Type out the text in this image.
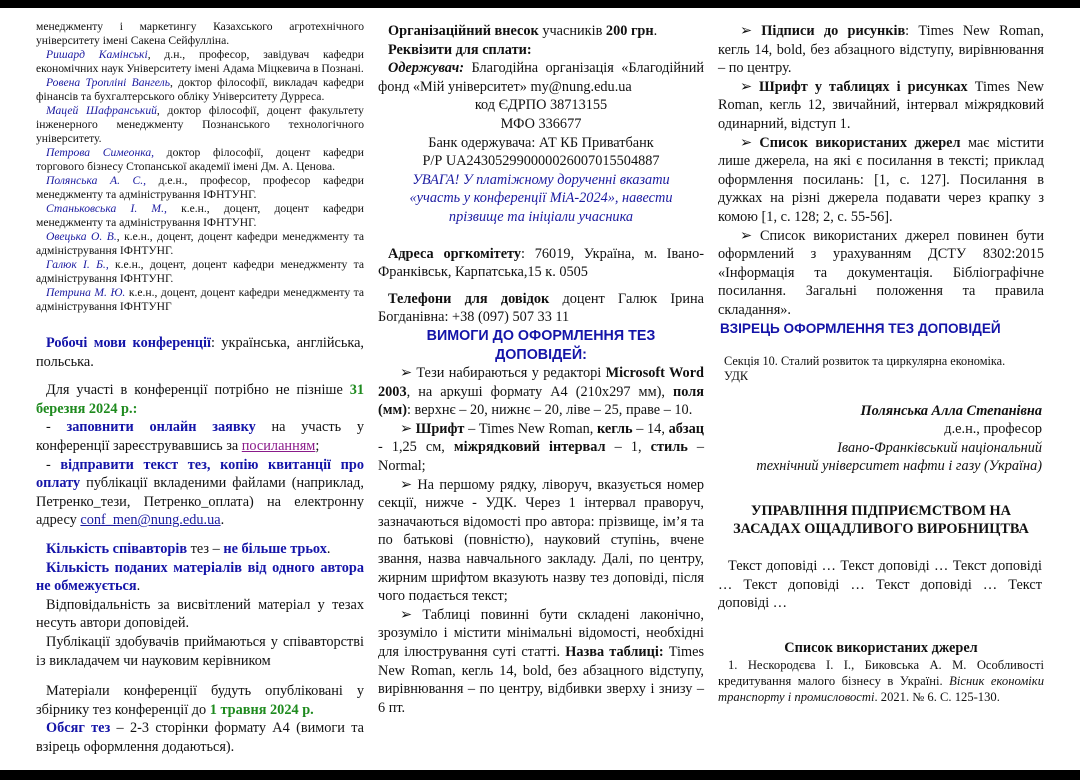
менеджменту і маркетингу Казахського агротехнічного університету імені Сакена Сейфулліна.

Ришард Камінські, д.н., професор, завідувач кафедри економічних наук Університету імені Адама Міцкевича в Познані.

Ровена Тропліні Вангель, доктор філософії, викладач кафедри фінансів та бухгалтерського обліку Університету Дурреса.

Мацей Шафранський, доктор філософії, доцент факультету інженерного менеджменту Познанського технологічного університету.

Петрова Симеонка, доктор філософії, доцент кафедри торгового бізнесу Стопанської академії імені Дм. А. Ценова.

Полянська А. С., д.е.н., професор, професор кафедри менеджменту та адміністрування ІФНТУНГ.

Станьковська І. М., к.е.н., доцент, доцент кафедри менеджменту та адміністрування ІФНТУНГ.

Овецька О. В., к.е.н., доцент, доцент кафедри менеджменту та адміністрування ІФНТУНГ.

Галюк І. Б., к.е.н., доцент, доцент кафедри менеджменту та адміністрування ІФНТУНГ.

Петрина М. Ю. к.е.н., доцент, доцент кафедри менеджменту та адміністрування ІФНТУНГ

Робочі мови конференції: українська, англійська, польська.

Для участі в конференції потрібно не пізніше 31 березня 2024 р.:

- заповнити онлайн заявку на участь у конференції зареєструвавшись за посиланням;

- відправити текст тез, копію квитанції про оплату публікації вкладеними файлами (наприклад, Петренко_тези, Петренко_оплата) на електронну адресу conf_men@nung.edu.ua.

Кількість співавторів тез – не більше трьох.

Кількість поданих матеріалів від одного автора не обмежується.

Відповідальність за висвітлений матеріал у тезах несуть автори доповідей.

Публікації здобувачів приймаються у співавторстві із викладачем чи науковим керівником

Матеріали конференції будуть опубліковані у збірнику тез конференції до 1 травня 2024 р.

Обсяг тез – 2-3 сторінки формату А4 (вимоги та взірець оформлення додаються).

Організаційний внесок учасників 200 грн.

Реквізити для сплати:

Одержувач: Благодійна організація «Благодійний фонд «Мій університет» my@nung.edu.ua

код ЄДРПО 38713155

МФО 336677

Банк одержувача: АТ КБ Приватбанк

Р/Р UA243052990000026007015504887

УВАГА! У платіжному дорученні вказати «участь у конференції МіА-2024», навести прізвище та ініціали учасника

Адреса оргкомітету: 76019, Україна, м. Івано-Франківськ, Карпатська,15 к. 0505

Телефони для довідок доцент Галюк Ірина Богданівна: +38 (097) 507 33 11

ВИМОГИ ДО ОФОРМЛЕННЯ ТЕЗ ДОПОВІДЕЙ:

➢ Тези набираються у редакторі Microsoft Word 2003, на аркуші формату А4 (210х297 мм), поля (мм): верхнє – 20, нижнє – 20, ліве – 25, праве – 10.

➢ Шрифт – Times New Roman, кегль – 14, абзац - 1,25 см, міжрядковий інтервал – 1, стиль – Normal;

➢ На першому рядку, ліворуч, вказується номер секції, нижче - УДК. Через 1 інтервал праворуч, зазначаються відомості про автора: прізвище, ім’я та по батькові (повністю), науковий ступінь, вчене звання, назва навчального закладу. Далі, по центру, жирним шрифтом вказують назву тез доповіді, після чого подається текст;

➢ Таблиці повинні бути складені лаконічно, зрозуміло і містити мінімальні відомості, необхідні для ілюстрування суті статті. Назва таблиці: Times New Roman, кегль 14, bold, без абзацного відступу, вирівнювання – по центру, відбивки зверху і знизу – 6 пт.

➢ Підписи до рисунків: Times New Roman, кегль 14, bold, без абзацного відступу, вирівнювання – по центру.

➢ Шрифт у таблицях і рисунках Times New Roman, кегль 12, звичайний, інтервал міжрядковий одинарний, відступ 1.

➢ Список використаних джерел має містити лише джерела, на які є посилання в тексті; приклад оформлення посилань: [1, с. 127]. Посилання в дужках на різні джерела подавати через крапку з комою [1, с. 128; 2, с. 55-56].

➢ Список використаних джерел повинен бути оформлений з урахуванням ДСТУ 8302:2015 «Інформація та документація. Бібліографічне посилання. Загальні положення та правила складання».

ВЗІРЕЦЬ ОФОРМЛЕННЯ ТЕЗ ДОПОВІДЕЙ

Секція 10. Сталий розвиток та циркулярна економіка.

УДК

Полянська Алла Степанівна

д.е.н., професор

Івано-Франківський національний

технічний університет нафти і газу (Україна)

УПРАВЛІННЯ ПІДПРИЄМСТВОМ НА ЗАСАДАХ ОЩАДЛИВОГО ВИРОБНИЦТВА

Текст доповіді … Текст доповіді … Текст доповіді … Текст доповіді … Текст доповіді … Текст доповіді …

Список використаних джерел

1. Нескородєва І. І., Биковська А. М. Особливості кредитування малого бізнесу в Україні. Вісник економіки транспорту і промисловості. 2021. № 6. С. 125-130.
